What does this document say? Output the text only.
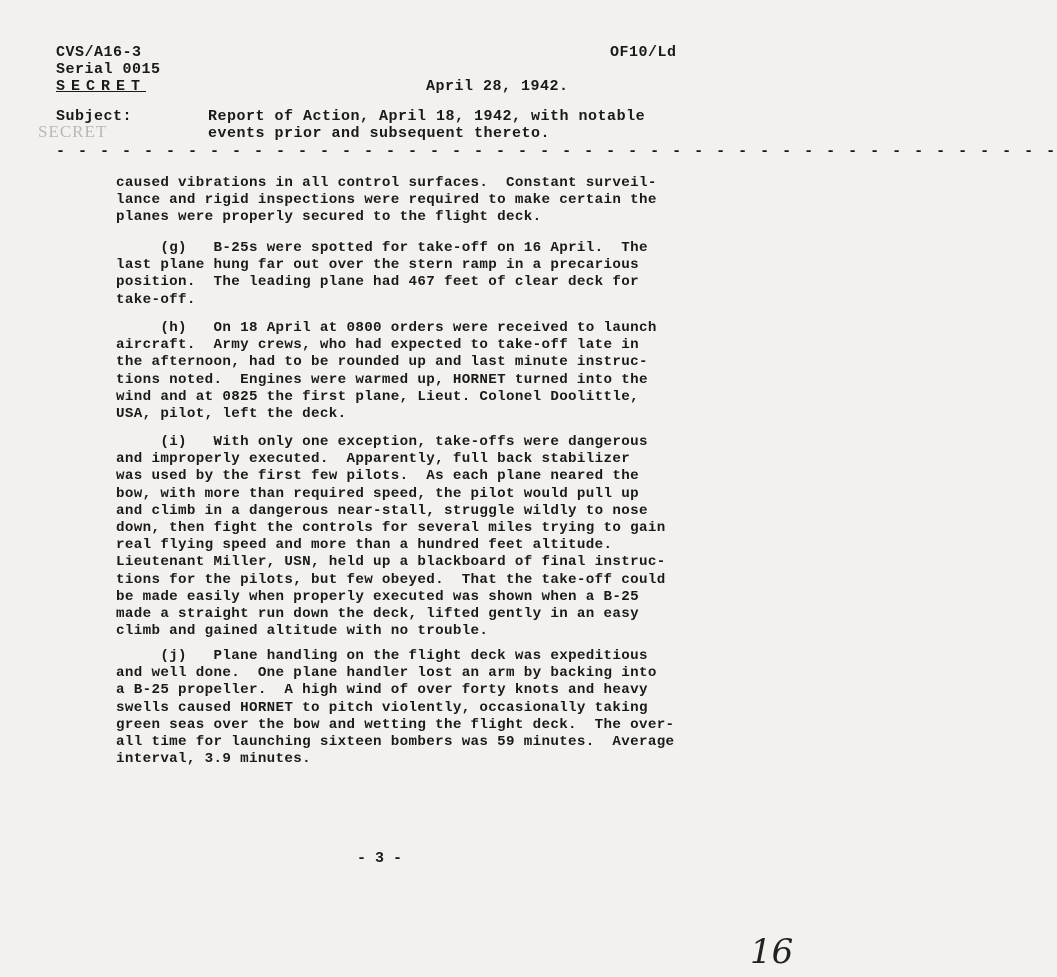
CVS/A16-3
Serial 0015
SECRET
OF10/Ld
April 28, 1942.
Subject:	Report of Action, April 18, 1942, with notable
events prior and subsequent thereto.
SECRET
- - - - - - - - - - - - - - - - - - - - - - - - - - - - - - - - - - - - - - - - - - - - - -

caused vibrations in all control surfaces.  Constant surveil-
lance and rigid inspections were required to make certain the
planes were properly secured to the flight deck.

(g)   B-25s were spotted for take-off on 16 April.  The
last plane hung far out over the stern ramp in a precarious
position.  The leading plane had 467 feet of clear deck for
take-off.

(h)   On 18 April at 0800 orders were received to launch
aircraft.  Army crews, who had expected to take-off late in
the afternoon, had to be rounded up and last minute instruc-
tions noted.  Engines were warmed up, HORNET turned into the
wind and at 0825 the first plane, Lieut. Colonel Doolittle,
USA, pilot, left the deck.

(i)   With only one exception, take-offs were dangerous
and improperly executed.  Apparently, full back stabilizer
was used by the first few pilots.  As each plane neared the
bow, with more than required speed, the pilot would pull up
and climb in a dangerous near-stall, struggle wildly to nose
down, then fight the controls for several miles trying to gain
real flying speed and more than a hundred feet altitude.
Lieutenant Miller, USN, held up a blackboard of final instruc-
tions for the pilots, but few obeyed.  That the take-off could
be made easily when properly executed was shown when a B-25
made a straight run down the deck, lifted gently in an easy
climb and gained altitude with no trouble.

(j)   Plane handling on the flight deck was expeditious
and well done.  One plane handler lost an arm by backing into
a B-25 propeller.  A high wind of over forty knots and heavy
swells caused HORNET to pitch violently, occasionally taking
green seas over the bow and wetting the flight deck.  The over-
all time for launching sixteen bombers was 59 minutes.  Average
interval, 3.9 minutes.

- 3 -
16
